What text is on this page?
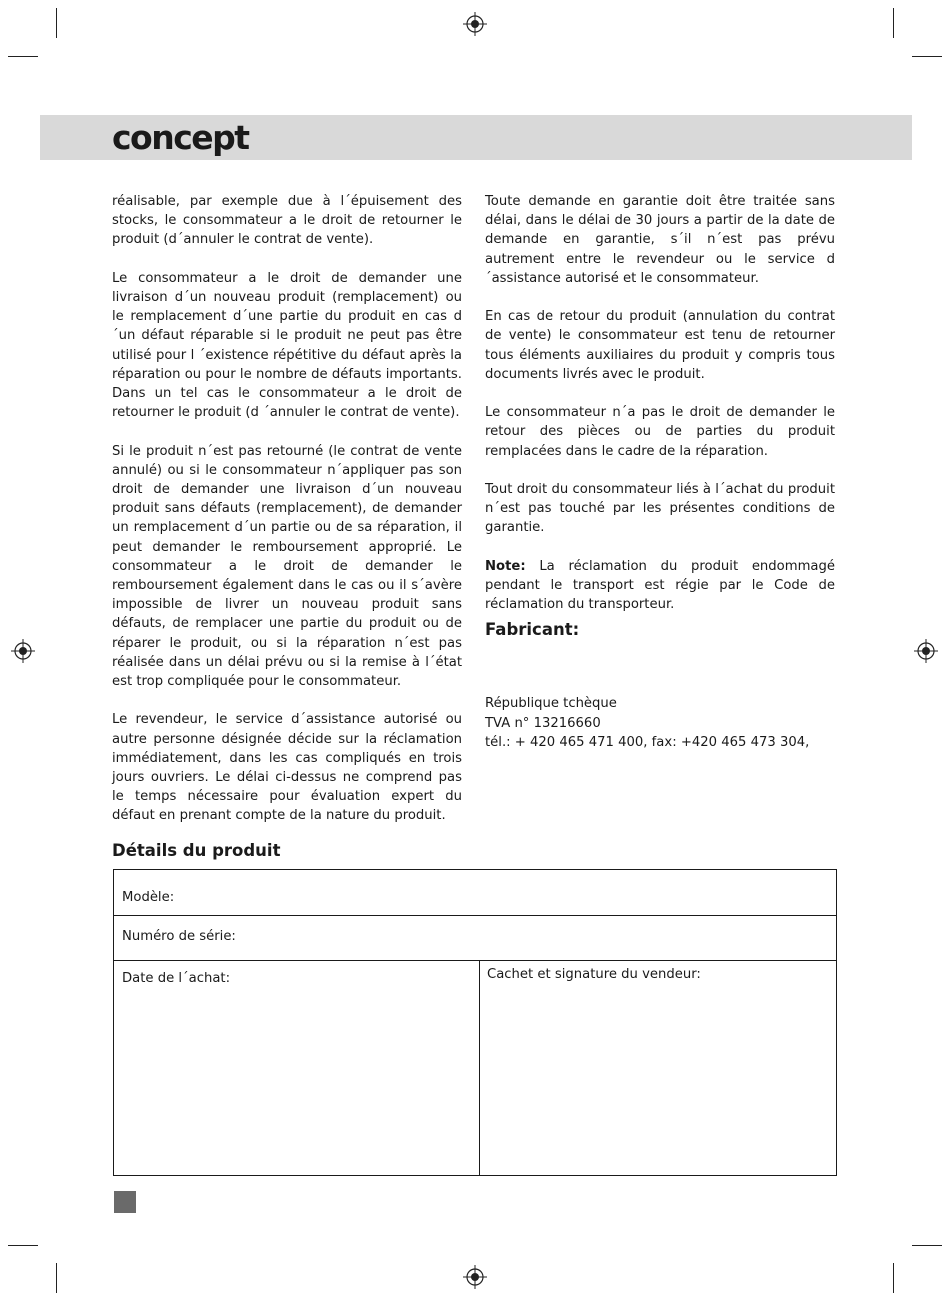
concept

réalisable, par exemple due à l´épuisement des stocks, le consommateur a le droit de retourner le produit (d´annuler le contrat de vente).

Le consommateur a le droit de demander une livraison d´un nouveau produit (remplacement) ou le remplacement d´une partie du produit en cas d´un défaut réparable si le produit ne peut pas être utilisé pour l ´existence répétitive du défaut après la réparation ou pour le nombre de défauts importants. Dans un tel cas le consommateur a le droit de retourner le produit (d ´annuler le contrat de vente).

Si le produit n´est pas retourné (le contrat de vente annulé) ou si le consommateur n´appliquer pas son droit de demander une livraison d´un nouveau produit sans défauts (remplacement), de demander un remplacement d´un partie ou de sa réparation, il peut demander le remboursement approprié. Le consommateur a le droit de demander le remboursement également dans le cas ou il s´avère impossible de livrer un nouveau produit sans défauts, de remplacer une partie du produit ou de réparer le produit, ou si la réparation n´est pas réalisée dans un délai prévu ou si la remise à l´état est trop compliquée pour le consommateur.

Le revendeur, le service d´assistance autorisé ou autre personne désignée décide sur la réclamation immédiatement, dans les cas compliqués en trois jours ouvriers. Le délai ci-dessus ne comprend pas le temps nécessaire pour évaluation expert du défaut en prenant compte de la nature du produit.

Toute demande en garantie doit être traitée sans délai, dans le délai de 30 jours a partir de la date de demande en garantie, s´il n´est pas prévu autrement entre le revendeur ou le service d´assistance autorisé et le consommateur.

En cas de retour du produit (annulation du contrat de vente) le consommateur est tenu de retourner tous éléments auxiliaires du produit y compris tous documents livrés avec le produit.

Le consommateur n´a pas le droit de demander le retour des pièces ou de parties du produit remplacées dans le cadre de la réparation.

Tout droit du consommateur liés à l´achat du produit n´est pas touché par les présentes conditions de garantie.

Note: La réclamation du produit endommagé pendant le transport est régie par le Code de réclamation du transporteur.

Fabricant:
République tchèque
TVA n° 13216660
tél.: + 420 465 471 400, fax: +420 465 473 304,
Détails du produit
Modèle:
Numéro de série:
Date de l´achat:	Cachet et signature du vendeur:
